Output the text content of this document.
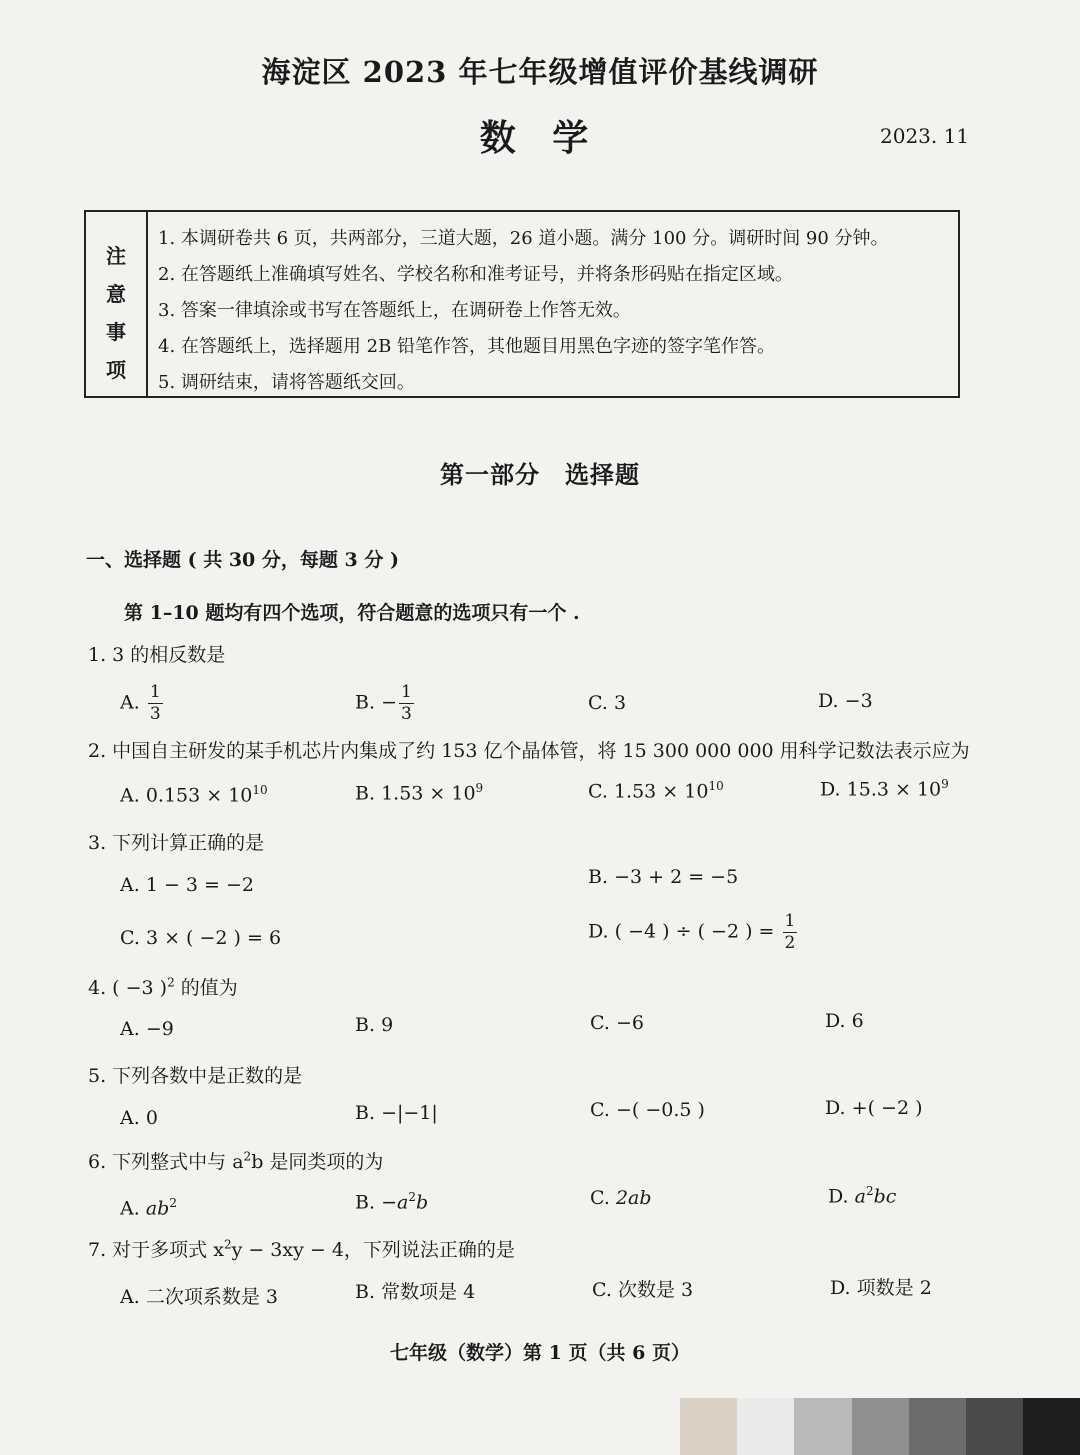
海淀区 2023 年七年级增值评价基线调研
数 学	2023. 11
注
意
事
项
1. 本调研卷共 6 页，共两部分，三道大题，26 道小题。满分 100 分。调研时间 90 分钟。
2. 在答题纸上准确填写姓名、学校名称和准考证号，并将条形码贴在指定区域。
3. 答案一律填涂或书写在答题纸上，在调研卷上作答无效。
4. 在答题纸上，选择题用 2B 铅笔作答，其他题目用黑色字迹的签字笔作答。
5. 调研结束，请将答题纸交回。
第一部分　选择题
一、选择题 ( 共 30 分，每题 3 分 )
第 1–10 题均有四个选项，符合题意的选项只有一个 .
1. 3 的相反数是
A. $\frac{1}{3}$	B. − $\frac{1}{3}$	C. 3	D. −3
2. 中国自主研发的某手机芯片内集成了约 153 亿个晶体管，将 15 300 000 000 用科学记数法表示应为
A. $0.153 \times 10^{10}$	B. $1.53 \times 10^9$	C. $1.53 \times 10^{10}$	D. $15.3 \times 10^9$
3. 下列计算正确的是
A. 1 − 3 = −2	B. −3 + 2 = −5
C. 3 × ( −2 ) = 6	D. ( −4 ) ÷ ( −2 ) = $\frac{1}{2}$
4. ( −3 )$^2$ 的值为
A. −9	B. 9	C. −6	D. 6
5. 下列各数中是正数的是
A. 0	B. −|−1|	C. −( −0.5 )	D. +( −2 )
6. 下列整式中与 $a^2b$ 是同类项的为
A. $ab^2$	B. $-a^2b$	C. 2ab	D. $a^2bc$
7. 对于多项式 $x^2y - 3xy - 4$，下列说法正确的是
A. 二次项系数是 3	B. 常数项是 4	C. 次数是 3	D. 项数是 2
七年级（数学）第 1 页（共 6 页）
